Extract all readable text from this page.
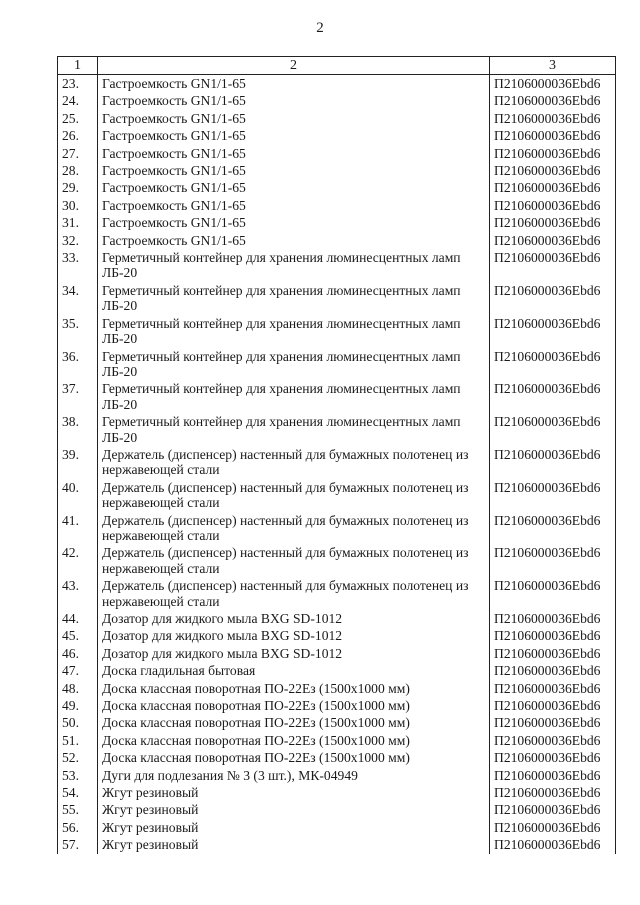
2
1	2	3
23.	Гастроемкость GN1/1-65	П2106000036Ebd6
24.	Гастроемкость GN1/1-65	П2106000036Ebd6
25.	Гастроемкость GN1/1-65	П2106000036Ebd6
26.	Гастроемкость GN1/1-65	П2106000036Ebd6
27.	Гастроемкость GN1/1-65	П2106000036Ebd6
28.	Гастроемкость GN1/1-65	П2106000036Ebd6
29.	Гастроемкость GN1/1-65	П2106000036Ebd6
30.	Гастроемкость GN1/1-65	П2106000036Ebd6
31.	Гастроемкость GN1/1-65	П2106000036Ebd6
32.	Гастроемкость GN1/1-65	П2106000036Ebd6
33.	Герметичный контейнер для хранения люминесцентных ламп ЛБ-20	П2106000036Ebd6
34.	Герметичный контейнер для хранения люминесцентных ламп ЛБ-20	П2106000036Ebd6
35.	Герметичный контейнер для хранения люминесцентных ламп ЛБ-20	П2106000036Ebd6
36.	Герметичный контейнер для хранения люминесцентных ламп ЛБ-20	П2106000036Ebd6
37.	Герметичный контейнер для хранения люминесцентных ламп ЛБ-20	П2106000036Ebd6
38.	Герметичный контейнер для хранения люминесцентных ламп ЛБ-20	П2106000036Ebd6
39.	Держатель (диспенсер) настенный для бумажных полотенец из нержавеющей стали	П2106000036Ebd6
40.	Держатель (диспенсер) настенный для бумажных полотенец из нержавеющей стали	П2106000036Ebd6
41.	Держатель (диспенсер) настенный для бумажных полотенец из нержавеющей стали	П2106000036Ebd6
42.	Держатель (диспенсер) настенный для бумажных полотенец из нержавеющей стали	П2106000036Ebd6
43.	Держатель (диспенсер) настенный для бумажных полотенец из нержавеющей стали	П2106000036Ebd6
44.	Дозатор для жидкого мыла BXG SD-1012	П2106000036Ebd6
45.	Дозатор для жидкого мыла BXG SD-1012	П2106000036Ebd6
46.	Дозатор для жидкого мыла BXG SD-1012	П2106000036Ebd6
47.	Доска гладильная бытовая	П2106000036Ebd6
48.	Доска классная поворотная ПО-22Ез (1500х1000 мм)	П2106000036Ebd6
49.	Доска классная поворотная ПО-22Ез (1500х1000 мм)	П2106000036Ebd6
50.	Доска классная поворотная ПО-22Ез (1500х1000 мм)	П2106000036Ebd6
51.	Доска классная поворотная ПО-22Ез (1500х1000 мм)	П2106000036Ebd6
52.	Доска классная поворотная ПО-22Ез (1500х1000 мм)	П2106000036Ebd6
53.	Дуги для подлезания № 3 (3 шт.), МК-04949	П2106000036Ebd6
54.	Жгут резиновый	П2106000036Ebd6
55.	Жгут резиновый	П2106000036Ebd6
56.	Жгут резиновый	П2106000036Ebd6
57.	Жгут резиновый	П2106000036Ebd6
